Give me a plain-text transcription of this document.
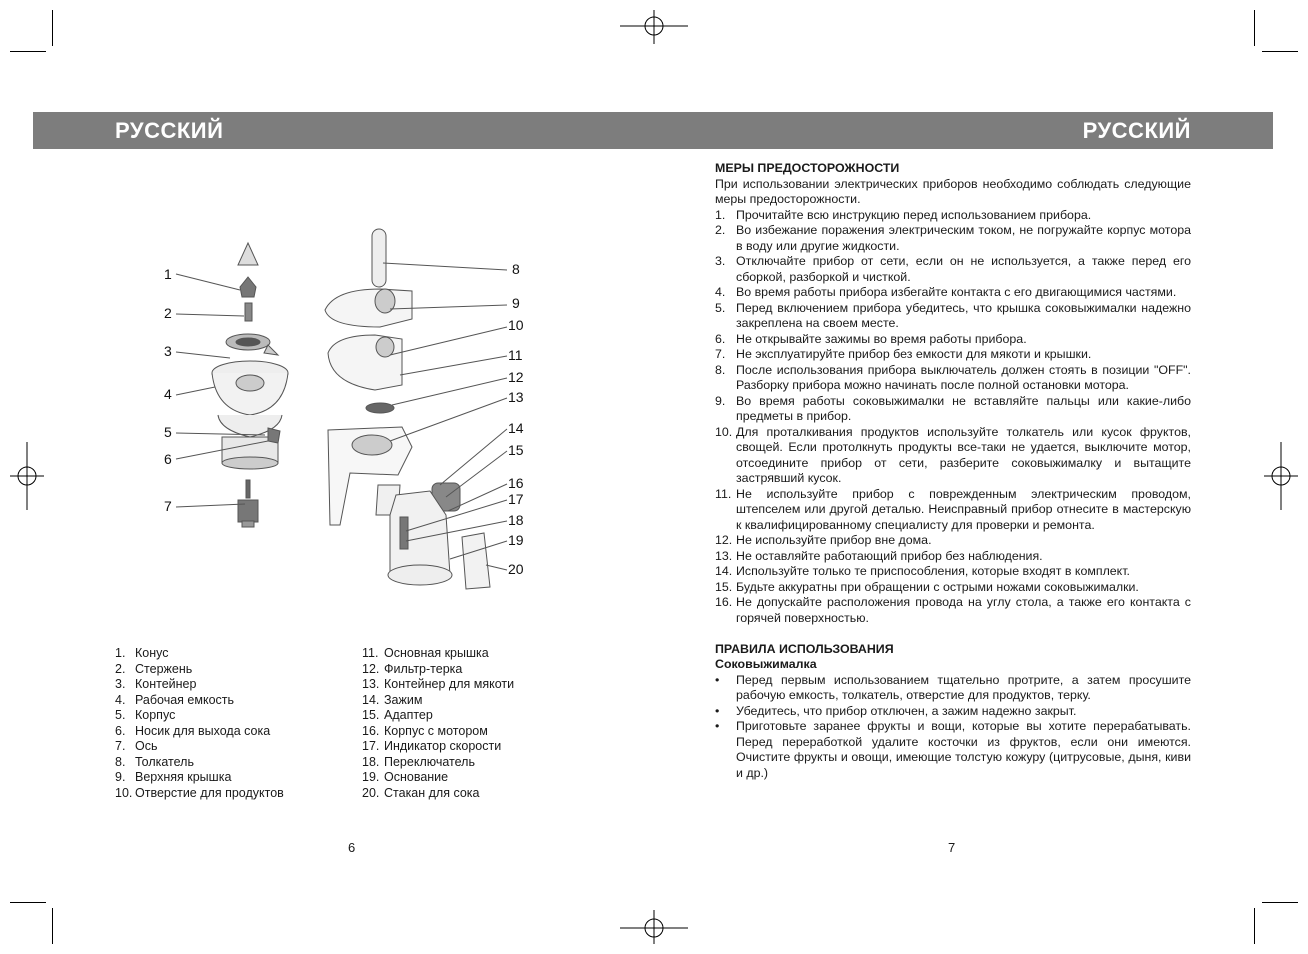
РУССКИЙ	РУССКИЙ
1
2
3
4
5
6
7
8
9
10
11
12
13
14
15
16
17
18
19
20
1. Конус
2. Стержень
3. Контейнер
4. Рабочая емкость
5. Корпус
6. Носик для выхода сока
7. Ось
8. Толкатель
9. Верхняя крышка
10. Отверстие для продуктов
11. Основная крышка
12. Фильтр-терка
13. Контейнер для мякоти
14. Зажим
15. Адаптер
16. Корпус с мотором
17. Индикатор скорости
18. Переключатель
19. Основание
20. Стакан для сока
6	7
МЕРЫ ПРЕДОСТОРОЖНОСТИ
При использовании электрических приборов необходимо соблюдать следующие меры предосторожности.
1. Прочитайте всю инструкцию перед использованием прибора.
2. Во избежание поражения электрическим током, не погружайте корпус мотора в воду или другие жидкости.
3. Отключайте прибор от сети, если он не используется, а также перед его сборкой, разборкой и чисткой.
4. Во время работы прибора избегайте контакта с его двигающимися частями.
5. Перед включением прибора убедитесь, что крышка соковыжималки надежно закреплена на своем месте.
6. Не открывайте зажимы во время работы прибора.
7. Не эксплуатируйте прибор без емкости для мякоти и крышки.
8. После использования прибора выключатель должен стоять в позиции "OFF". Разборку прибора можно начинать после полной остановки мотора.
9. Во время работы соковыжималки не вставляйте пальцы или какие-либо предметы в прибор.
10. Для проталкивания продуктов используйте толкатель или кусок фруктов, свощей. Если протолкнуть продукты все-таки не удается, выключите мотор, отсоедините прибор от сети, разберите соковыжималку и вытащите застрявший кусок.
11. Не используйте прибор с поврежденным электрическим проводом, штепселем или другой деталью. Неисправный прибор отнесите в мастерскую к квалифицированному специалисту для проверки и ремонта.
12. Не используйте прибор вне дома.
13. Не оставляйте работающий прибор без наблюдения.
14. Используйте только те приспособления, которые входят в комплект.
15. Будьте аккуратны при обращении с острыми ножами соковыжималки.
16. Не допускайте расположения провода на углу стола, а также его контакта с горячей поверхностью.
ПРАВИЛА ИСПОЛЬЗОВАНИЯ
Соковыжималка
•	Перед первым использованием тщательно протрите, а затем просушите рабочую емкость, толкатель, отверстие для продуктов, терку.
•	Убедитесь, что прибор отключен, а зажим надежно закрыт.
•	Приготовьте заранее фрукты и вощи, которые вы хотите перерабатывать. Перед переработкой удалите косточки из фруктов, если они имеются. Очистите фрукты и овощи, имеющие толстую кожуру (цитрусовые, дыня, киви и др.)
